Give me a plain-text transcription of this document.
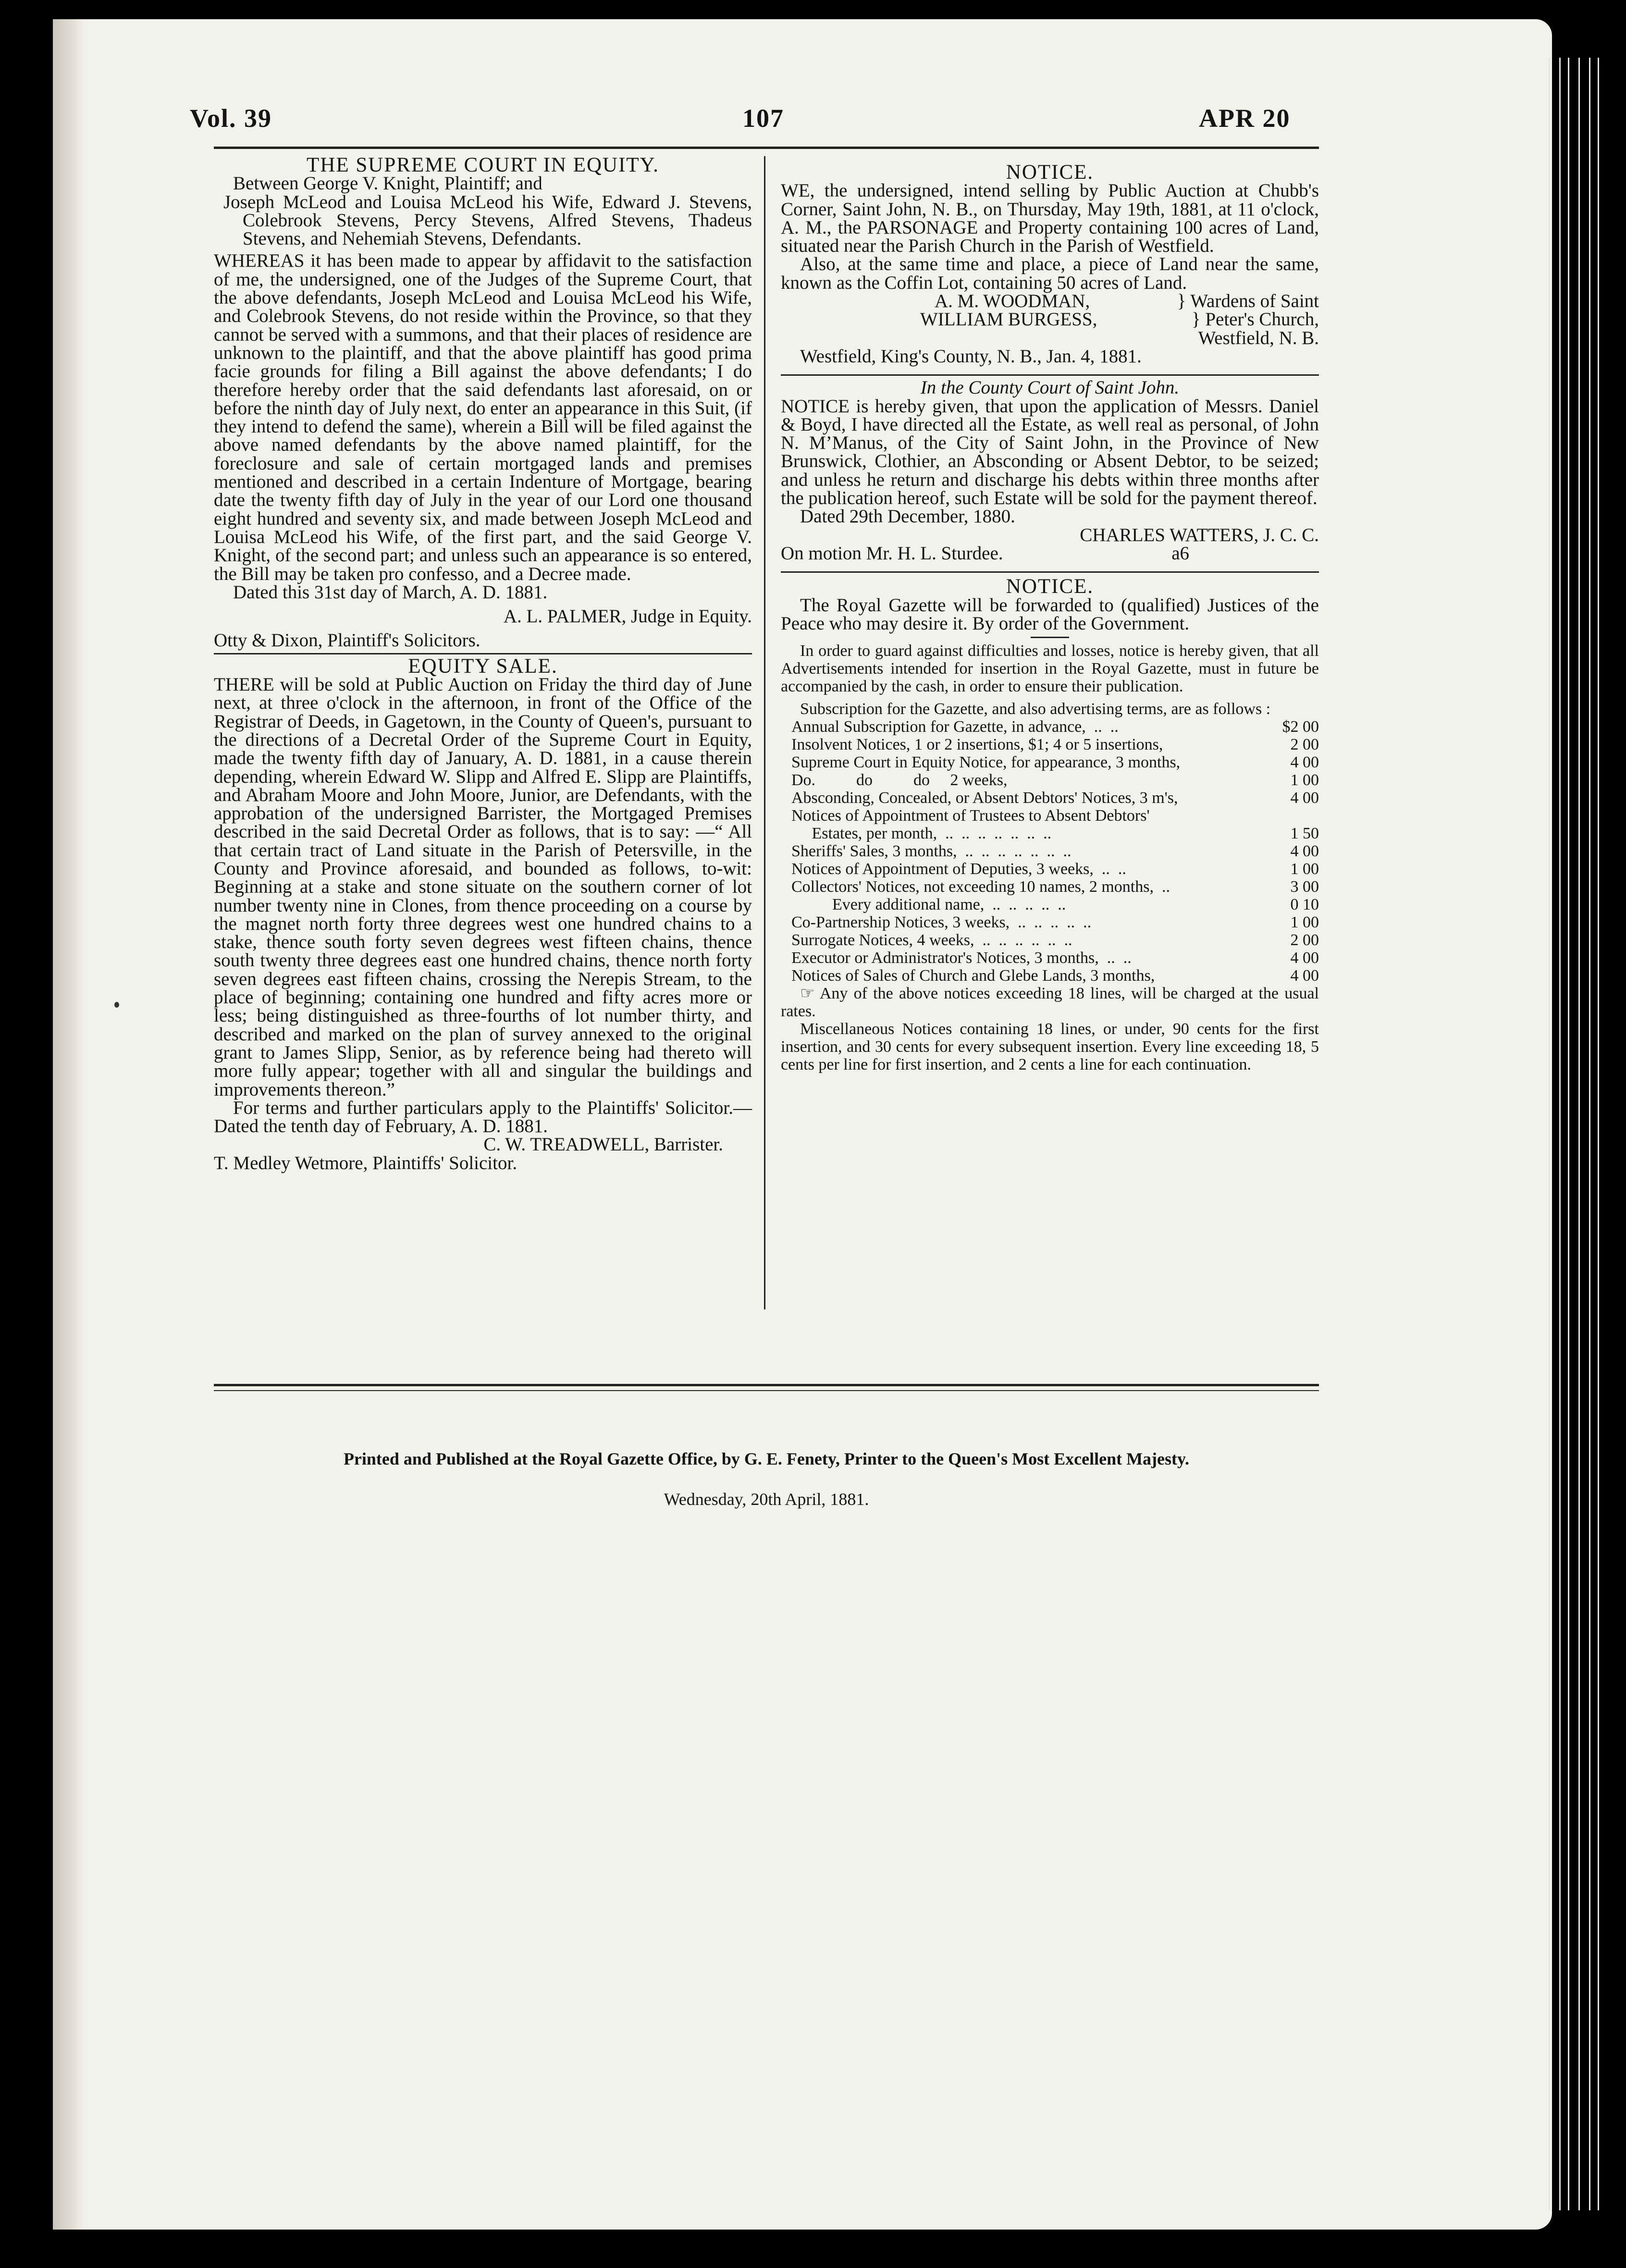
Vol. 39	107	APR 20

THE SUPREME COURT IN EQUITY.

Between George V. Knight, Plaintiff; and

Joseph McLeod and Louisa McLeod his Wife, Edward J. Stevens, Colebrook Stevens, Percy Stevens, Alfred Stevens, Thadeus Stevens, and Nehemiah Stevens, Defendants.

WHEREAS it has been made to appear by affidavit to the satisfaction of me, the undersigned, one of the Judges of the Supreme Court, that the above defendants, Joseph McLeod and Louisa McLeod his Wife, and Colebrook Stevens, do not reside within the Province, so that they cannot be served with a summons, and that their places of residence are unknown to the plaintiff, and that the above plaintiff has good prima facie grounds for filing a Bill against the above defendants; I do therefore hereby order that the said defendants last aforesaid, on or before the ninth day of July next, do enter an appearance in this Suit, (if they intend to defend the same), wherein a Bill will be filed against the above named defendants by the above named plaintiff, for the foreclosure and sale of certain mortgaged lands and premises mentioned and described in a certain Indenture of Mortgage, bearing date the twenty fifth day of July in the year of our Lord one thousand eight hundred and seventy six, and made between Joseph McLeod and Louisa McLeod his Wife, of the first part, and the said George V. Knight, of the second part; and unless such an appearance is so entered, the Bill may be taken pro confesso, and a Decree made.

Dated this 31st day of March, A. D. 1881.

A. L. PALMER, Judge in Equity.

Otty & Dixon, Plaintiff's Solicitors.

EQUITY SALE.

THERE will be sold at Public Auction on Friday the third day of June next, at three o'clock in the afternoon, in front of the Office of the Registrar of Deeds, in Gagetown, in the County of Queen's, pursuant to the directions of a Decretal Order of the Supreme Court in Equity, made the twenty fifth day of January, A. D. 1881, in a cause therein depending, wherein Edward W. Slipp and Alfred E. Slipp are Plaintiffs, and Abraham Moore and John Moore, Junior, are Defendants, with the approbation of the undersigned Barrister, the Mortgaged Premises described in the said Decretal Order as follows, that is to say: —“ All that certain tract of Land situate in the Parish of Petersville, in the County and Province aforesaid, and bounded as follows, to-wit: Beginning at a stake and stone situate on the southern corner of lot number twenty nine in Clones, from thence proceeding on a course by the magnet north forty three degrees west one hundred chains to a stake, thence south forty seven degrees west fifteen chains, thence south twenty three degrees east one hundred chains, thence north forty seven degrees east fifteen chains, crossing the Nerepis Stream, to the place of beginning; containing one hundred and fifty acres more or less; being distinguished as three-fourths of lot number thirty, and described and marked on the plan of survey annexed to the original grant to James Slipp, Senior, as by reference being had thereto will more fully appear; together with all and singular the buildings and improvements thereon.”

For terms and further particulars apply to the Plaintiffs' Solicitor.—Dated the tenth day of February, A. D. 1881.

C. W. TREADWELL, Barrister.

T. Medley Wetmore, Plaintiffs' Solicitor.

NOTICE.

WE, the undersigned, intend selling by Public Auction at Chubb's Corner, Saint John, N. B., on Thursday, May 19th, 1881, at 11 o'clock, A. M., the PARSONAGE and Property containing 100 acres of Land, situated near the Parish Church in the Parish of Westfield.

Also, at the same time and place, a piece of Land near the same, known as the Coffin Lot, containing 50 acres of Land.

A. M. WOODMAN,	} Wardens of Saint
WILLIAM BURGESS,	} Peter's Church,

Westfield, N. B.

Westfield, King's County, N. B., Jan. 4, 1881.

In the County Court of Saint John.

NOTICE is hereby given, that upon the application of Messrs. Daniel & Boyd, I have directed all the Estate, as well real as personal, of John N. M’Manus, of the City of Saint John, in the Province of New Brunswick, Clothier, an Absconding or Absent Debtor, to be seized; and unless he return and discharge his debts within three months after the publication hereof, such Estate will be sold for the payment thereof.

Dated 29th December, 1880.

CHARLES WATTERS, J. C. C.

On motion Mr. H. L. Sturdee.	a6

NOTICE.

The Royal Gazette will be forwarded to (qualified) Justices of the Peace who may desire it. By order of the Government.

In order to guard against difficulties and losses, notice is hereby given, that all Advertisements intended for insertion in the Royal Gazette, must in future be accompanied by the cash, in order to ensure their publication.

Subscription for the Gazette, and also advertising terms, are as follows :

Annual Subscription for Gazette, in advance,  ..  ..	$2 00
Insolvent Notices, 1 or 2 insertions, $1; 4 or 5 insertions,	2 00
Supreme Court in Equity Notice, for appearance, 3 months,	4 00
Do.          do          do     2 weeks,	1 00
Absconding, Concealed, or Absent Debtors' Notices, 3 m's,	4 00
Notices of Appointment of Trustees to Absent Debtors'
Estates, per month,  ..  ..  ..  ..  ..  ..  ..	1 50
Sheriffs' Sales, 3 months,  ..  ..  ..  ..  ..  ..  ..	4 00
Notices of Appointment of Deputies, 3 weeks,  ..  ..	1 00
Collectors' Notices, not exceeding 10 names, 2 months,  ..	3 00
Every additional name,  ..  ..  ..  ..  ..	0 10
Co-Partnership Notices, 3 weeks,  ..  ..  ..  ..  ..	1 00
Surrogate Notices, 4 weeks,  ..  ..  ..  ..  ..  ..	2 00
Executor or Administrator's Notices, 3 months,  ..  ..	4 00
Notices of Sales of Church and Glebe Lands, 3 months,	4 00

☞ Any of the above notices exceeding 18 lines, will be charged at the usual rates.

Miscellaneous Notices containing 18 lines, or under, 90 cents for the first insertion, and 30 cents for every subsequent insertion. Every line exceeding 18, 5 cents per line for first insertion, and 2 cents a line for each continuation.

Printed and Published at the Royal Gazette Office, by G. E. Fenety, Printer to the Queen's Most Excellent Majesty.

Wednesday, 20th April, 1881.
